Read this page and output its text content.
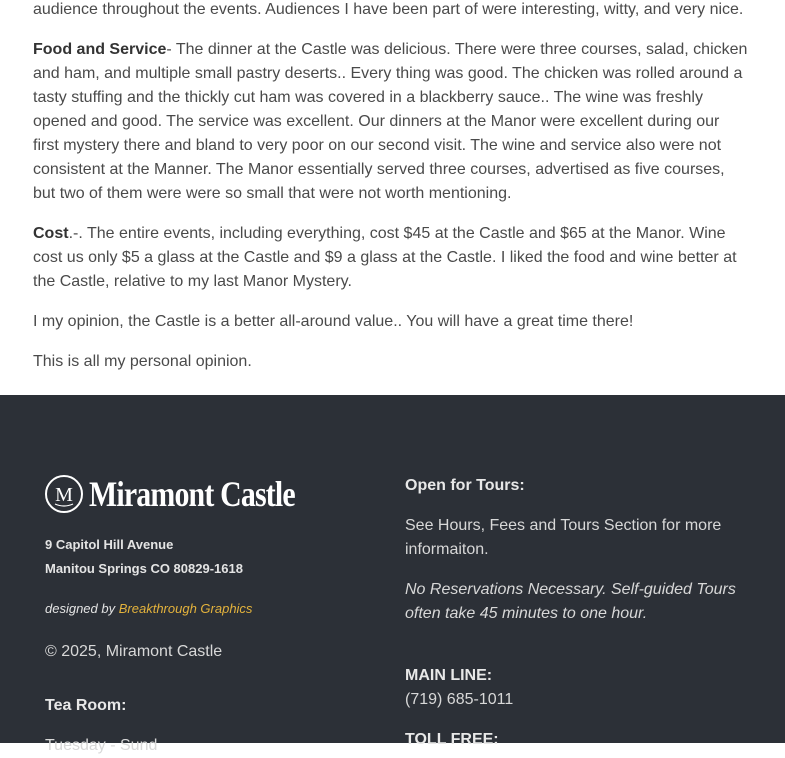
audience throughout the events. Audiences I have been part of were interesting, witty, and very nice.

Food and Service- The dinner at the Castle was delicious. There were three courses, salad, chicken and ham, and multiple small pastry deserts.. Every thing was good. The chicken was rolled around a tasty stuffing and the thickly cut ham was covered in a blackberry sauce.. The wine was freshly opened and good. The service was excellent. Our dinners at the Manor were excellent during our first mystery there and bland to very poor on our second visit. The wine and service also were not consistent at the Manner. The Manor essentially served three courses, advertised as five courses, but two of them were were so small that were not worth mentioning.

Cost.-. The entire events, including everything, cost $45 at the Castle and $65 at the Manor. Wine cost us only $5 a glass at the Castle and $9 a glass at the Castle. I liked the food and wine better at the Castle, relative to my last Manor Mystery.

I my opinion, the Castle is a better all-around value.. You will have a great time there!

This is all my personal opinion.

M Miramont Castle
9 Capitol Hill Avenue
Manitou Springs CO 80829-1618
designed by Breakthrough Graphics
© 2025, Miramont Castle
Tea Room:
Tuesday - Sund
Open for Tours:
See Hours, Fees and Tours Section for more informaiton.
No Reservations Necessary. Self-guided Tours often take 45 minutes to one hour.
MAIN LINE:
(719) 685-1011
TOLL FREE:
